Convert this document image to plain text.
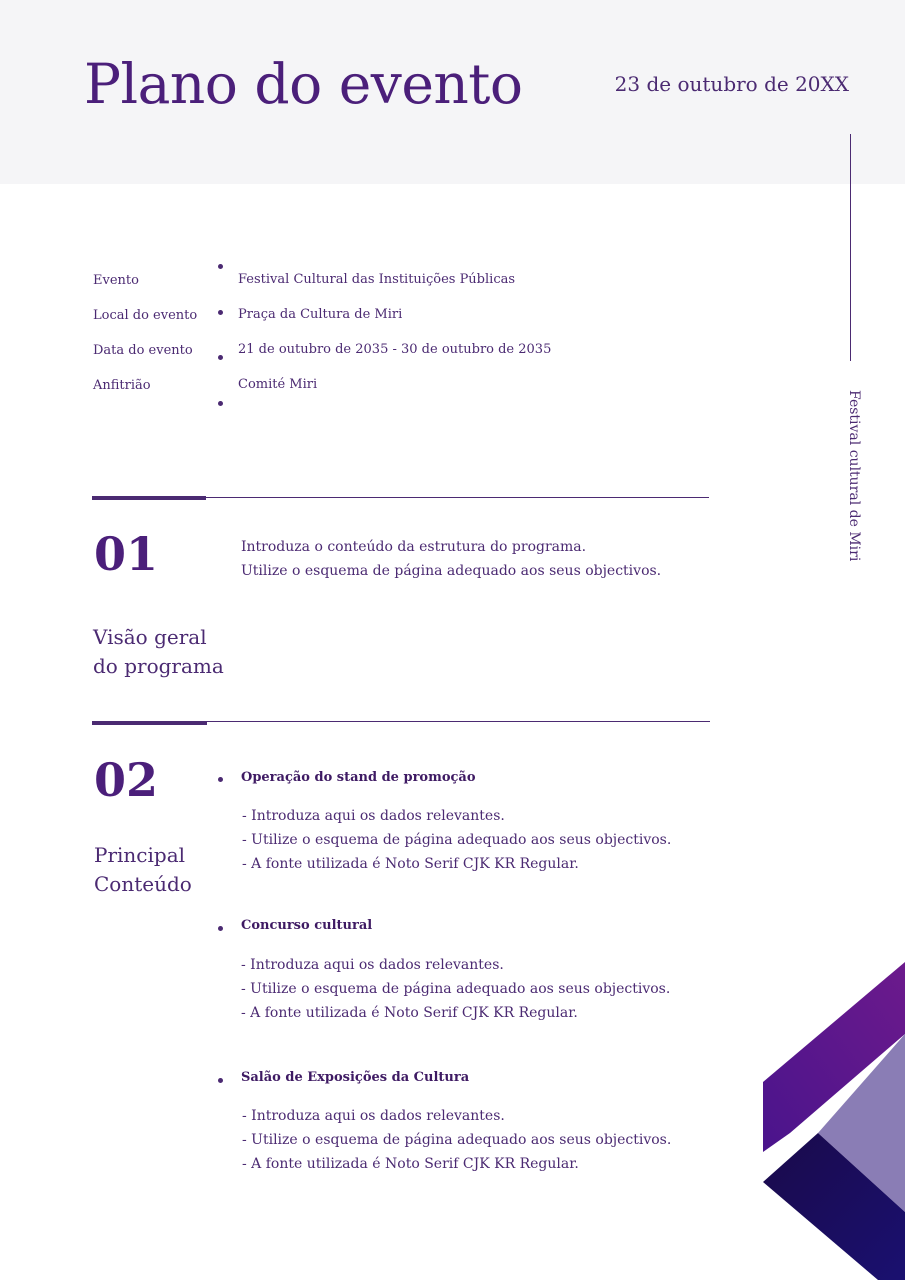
Plano do evento	23 de outubro de 20XX
Festival cultural de Miri
Evento	Festival Cultural das Instituições Públicas
Local do evento	Praça da Cultura de Miri
Data do evento	21 de outubro de 2035 - 30 de outubro de 2035
Anfitrião	Comité Miri
01
Visão geral
do programa
Introduza o conteúdo da estrutura do programa.
Utilize o esquema de página adequado aos seus objectivos.
02
Principal
Conteúdo
Operação do stand de promoção
- Introduza aqui os dados relevantes.
- Utilize o esquema de página adequado aos seus objectivos.
- A fonte utilizada é Noto Serif CJK KR Regular.
Concurso cultural
- Introduza aqui os dados relevantes.
- Utilize o esquema de página adequado aos seus objectivos.
- A fonte utilizada é Noto Serif CJK KR Regular.
Salão de Exposições da Cultura
- Introduza aqui os dados relevantes.
- Utilize o esquema de página adequado aos seus objectivos.
- A fonte utilizada é Noto Serif CJK KR Regular.
